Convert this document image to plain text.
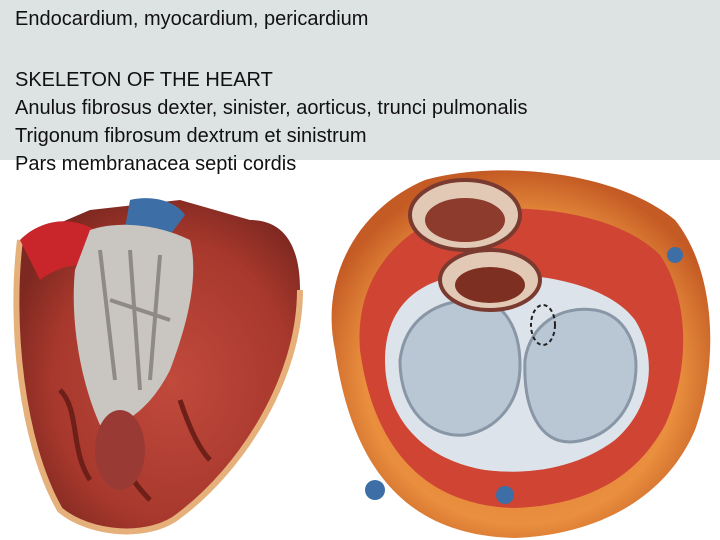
Endocardium, myocardium, pericardium
SKELETON OF THE HEART
Anulus fibrosus dexter, sinister, aorticus, trunci pulmonalis
Trigonum fibrosum dextrum et sinistrum
Pars membranacea septi cordis
